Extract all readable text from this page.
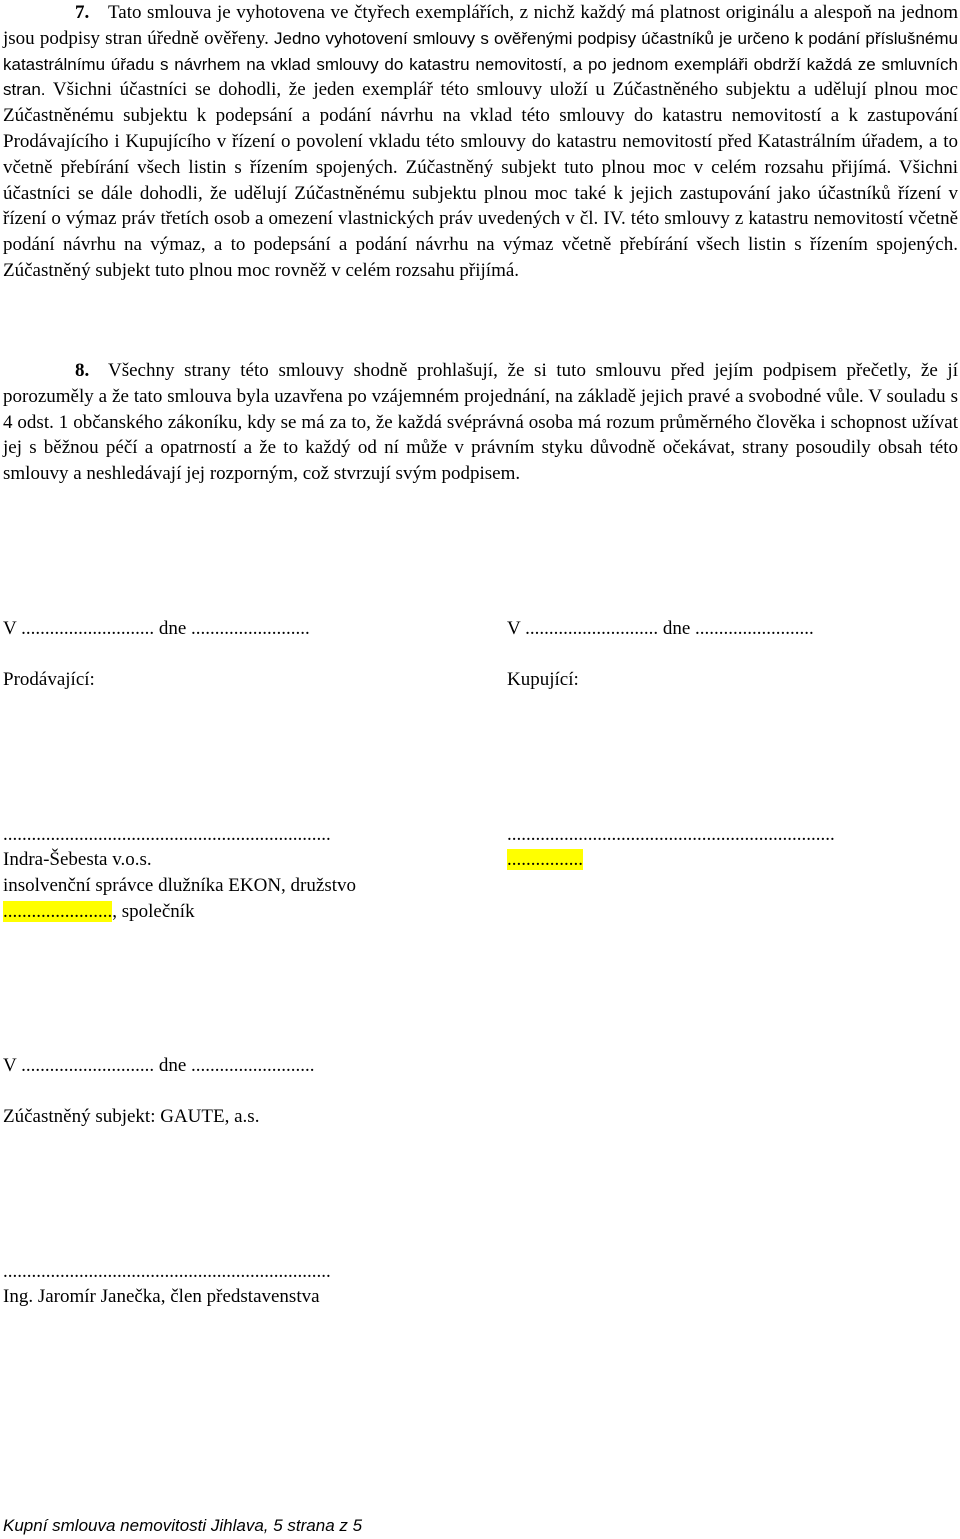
7. Tato smlouva je vyhotovena ve čtyřech exemplářích, z nichž každý má platnost originálu a alespoň na jednom jsou podpisy stran úředně ověřeny. Jedno vyhotovení smlouvy s ověřenými podpisy účastníků je určeno k podání příslušnému katastrálnímu úřadu s návrhem na vklad smlouvy do katastru nemovitostí, a po jednom exempláři obdrží každá ze smluvních stran. Všichni účastníci se dohodli, že jeden exemplář této smlouvy uloží u Zúčastněného subjektu a udělují plnou moc Zúčastněnému subjektu k podepsání a podání návrhu na vklad této smlouvy do katastru nemovitostí a k zastupování Prodávajícího i Kupujícího v řízení o povolení vkladu této smlouvy do katastru nemovitostí před Katastrálním úřadem, a to včetně přebírání všech listin s řízením spojených. Zúčastněný subjekt tuto plnou moc v celém rozsahu přijímá. Všichni účastníci se dále dohodli, že udělují Zúčastněnému subjektu plnou moc také k jejich zastupování jako účastníků řízení v řízení o výmaz práv třetích osob a omezení vlastnických práv uvedených v čl. IV. této smlouvy z katastru nemovitostí včetně podání návrhu na výmaz, a to podepsání a podání návrhu na výmaz včetně přebírání všech listin s řízením spojených. Zúčastněný subjekt tuto plnou moc rovněž v celém rozsahu přijímá.

8. Všechny strany této smlouvy shodně prohlašují, že si tuto smlouvu před jejím podpisem přečetly, že jí porozuměly a že tato smlouva byla uzavřena po vzájemném projednání, na základě jejich pravé a svobodné vůle. V souladu s 4 odst. 1 občanského zákoníku, kdy se má za to, že každá svéprávná osoba má rozum průměrného člověka i schopnost užívat jej s běžnou péčí a opatrností a že to každý od ní může v právním styku důvodně očekávat, strany posoudily obsah této smlouvy a neshledávají jej rozporným, což stvrzují svým podpisem.

V ............................ dne .........................
Prodávající:
.....................................................................
Indra-Šebesta v.o.s.
insolvenční správce dlužníka EKON, družstvo
......................., společník
V ............................ dne .........................
Kupující:
.....................................................................
................
V ............................ dne ..........................
Zúčastněný subjekt: GAUTE, a.s.
.....................................................................
Ing. Jaromír Janečka, člen představenstva
Kupní smlouva nemovitosti Jihlava, 5 strana z 5
